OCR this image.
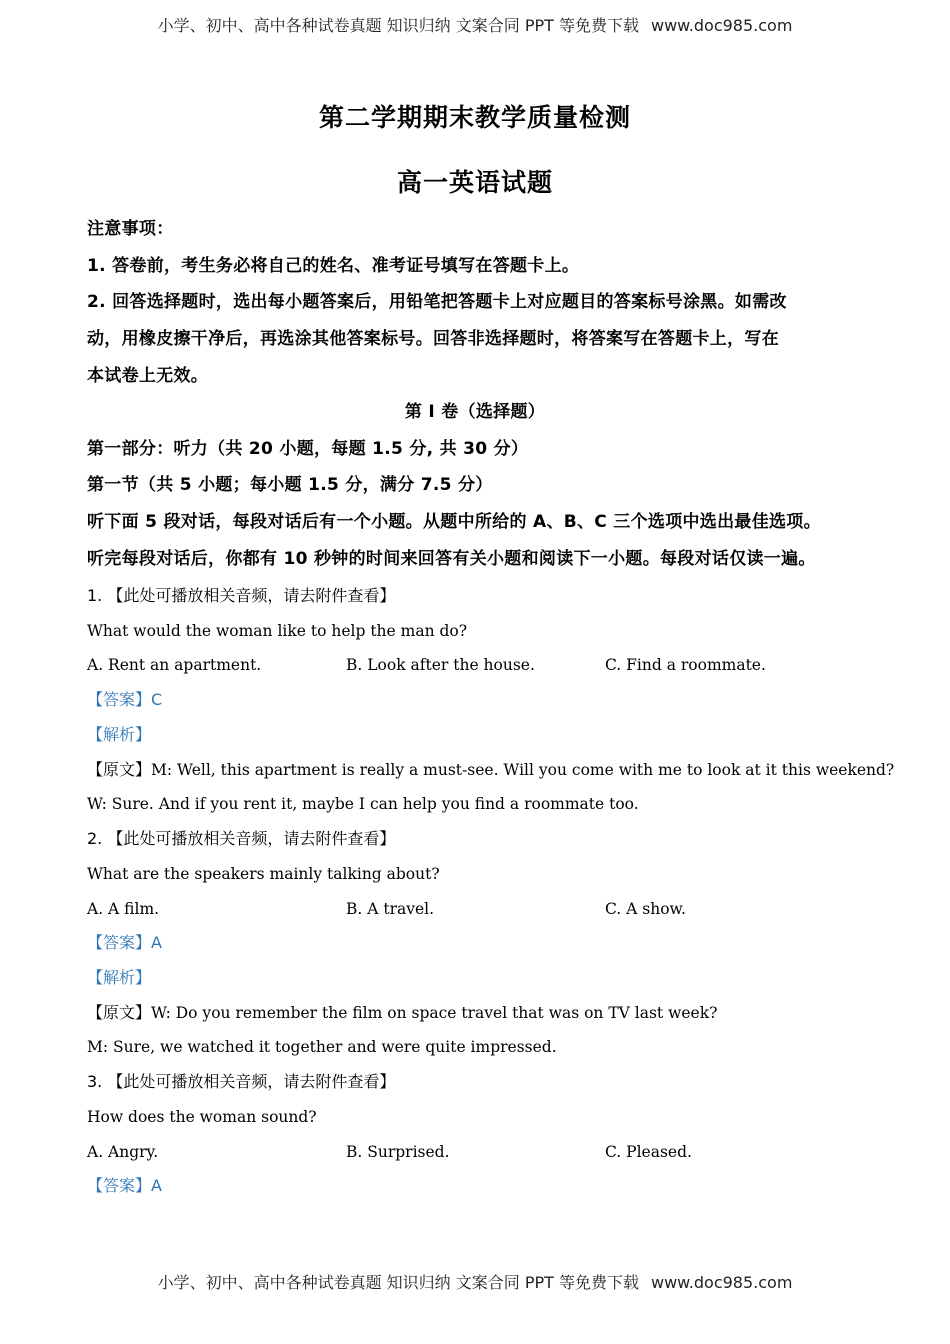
小学、初中、高中各种试卷真题 知识归纳 文案合同 PPT 等免费下载 www.doc985.com
第二学期期末教学质量检测
高一英语试题
注意事项：
1. 答卷前，考生务必将自己的姓名、准考证号填写在答题卡上。
2. 回答选择题时，选出每小题答案后，用铅笔把答题卡上对应题目的答案标号涂黑。如需改
动，用橡皮擦干净后，再选涂其他答案标号。回答非选择题时，将答案写在答题卡上，写在
本试卷上无效。
第 I 卷（选择题）
第一部分：听力（共 20 小题，每题 1.5 分, 共 30 分）
第一节（共 5 小题；每小题 1.5 分，满分 7.5 分）
听下面 5 段对话，每段对话后有一个小题。从题中所给的 A、B、C 三个选项中选出最佳选项。
听完每段对话后，你都有 10 秒钟的时间来回答有关小题和阅读下一小题。每段对话仅读一遍。
1. 【此处可播放相关音频，请去附件查看】
What would the woman like to help the man do?
A. Rent an apartment.	B. Look after the house.	C. Find a roommate.
【答案】C
【解析】
【原文】M: Well, this apartment is really a must-see. Will you come with me to look at it this weekend?
W: Sure. And if you rent it, maybe I can help you find a roommate too.
2. 【此处可播放相关音频，请去附件查看】
What are the speakers mainly talking about?
A. A film.	B. A travel.	C. A show.
【答案】A
【解析】
【原文】W: Do you remember the film on space travel that was on TV last week?
M: Sure, we watched it together and were quite impressed.
3. 【此处可播放相关音频，请去附件查看】
How does the woman sound?
A. Angry.	B. Surprised.	C. Pleased.
【答案】A
小学、初中、高中各种试卷真题 知识归纳 文案合同 PPT 等免费下载 www.doc985.com
